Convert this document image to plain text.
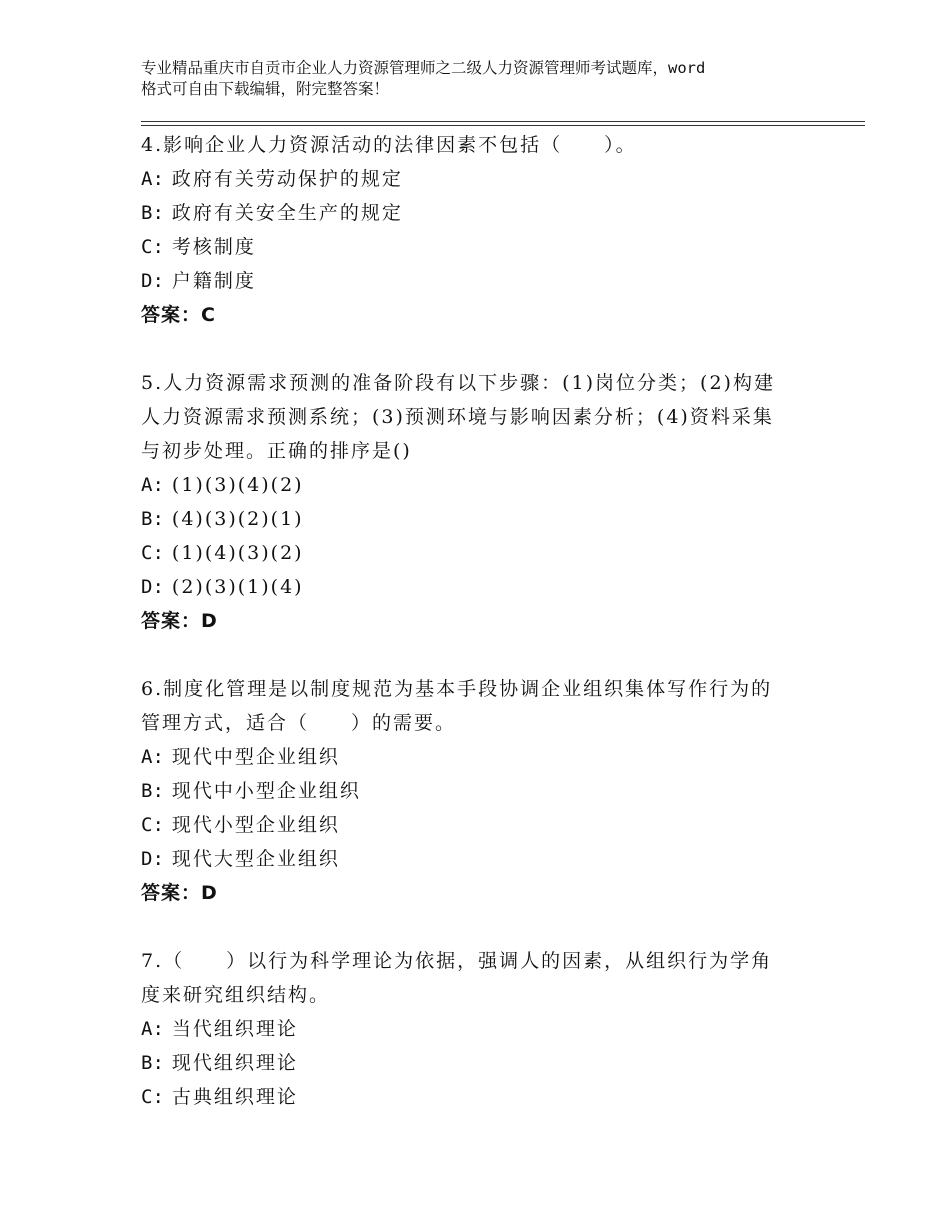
专业精品重庆市自贡市企业人力资源管理师之二级人力资源管理师考试题库，word
格式可自由下载编辑，附完整答案！
4.影响企业人力资源活动的法律因素不包括（　　）。
A: 政府有关劳动保护的规定
B: 政府有关安全生产的规定
C: 考核制度
D: 户籍制度
答案：C
5.人力资源需求预测的准备阶段有以下步骤：(1)岗位分类；(2)构建
人力资源需求预测系统；(3)预测环境与影响因素分析；(4)资料采集
与初步处理。正确的排序是()
A: (1)(3)(4)(2)
B: (4)(3)(2)(1)
C: (1)(4)(3)(2)
D: (2)(3)(1)(4)
答案：D
6.制度化管理是以制度规范为基本手段协调企业组织集体写作行为的
管理方式，适合（　　）的需要。
A: 现代中型企业组织
B: 现代中小型企业组织
C: 现代小型企业组织
D: 现代大型企业组织
答案：D
7.（　　）以行为科学理论为依据，强调人的因素，从组织行为学角
度来研究组织结构。
A: 当代组织理论
B: 现代组织理论
C: 古典组织理论
